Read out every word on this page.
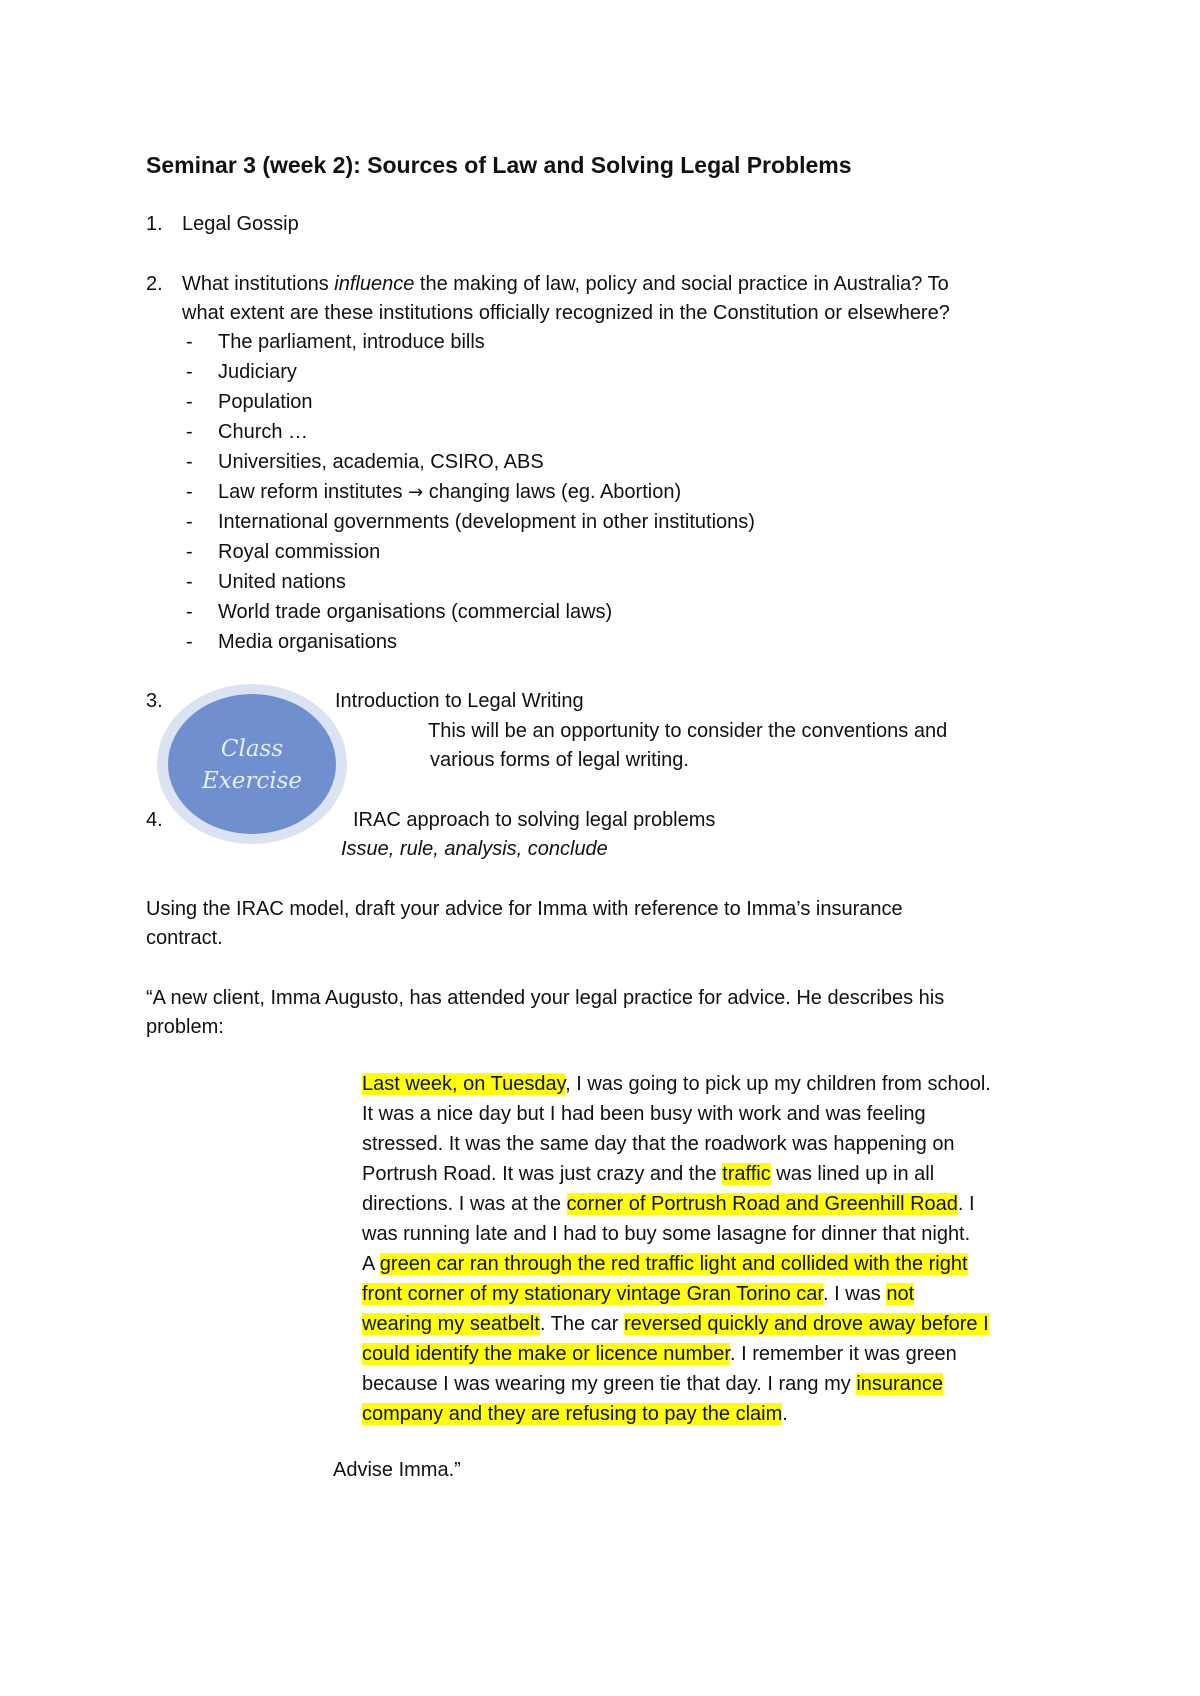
Seminar 3 (week 2): Sources of Law and Solving Legal Problems
1. Legal Gossip
2. What institutions influence the making of law, policy and social practice in Australia? To
what extent are these institutions officially recognized in the Constitution or elsewhere?
- The parliament, introduce bills
- Judiciary
- Population
- Church …
- Universities, academia, CSIRO, ABS
- Law reform institutes → changing laws (eg. Abortion)
- International governments (development in other institutions)
- Royal commission
- United nations
- World trade organisations (commercial laws)
- Media organisations
Class
Exercise
3.	Introduction to Legal Writing
This will be an opportunity to consider the conventions and
various forms of legal writing.
4.	IRAC approach to solving legal problems
Issue, rule, analysis, conclude
Using the IRAC model, draft your advice for Imma with reference to Imma’s insurance
contract.
“A new client, Imma Augusto, has attended your legal practice for advice. He describes his
problem:
Last week, on Tuesday, I was going to pick up my children from school.
It was a nice day but I had been busy with work and was feeling
stressed. It was the same day that the roadwork was happening on
Portrush Road. It was just crazy and the traffic was lined up in all
directions. I was at the corner of Portrush Road and Greenhill Road. I
was running late and I had to buy some lasagne for dinner that night.
A green car ran through the red traffic light and collided with the right
front corner of my stationary vintage Gran Torino car. I was not
wearing my seatbelt. The car reversed quickly and drove away before I
could identify the make or licence number. I remember it was green
because I was wearing my green tie that day. I rang my insurance
company and they are refusing to pay the claim.
Advise Imma.”
